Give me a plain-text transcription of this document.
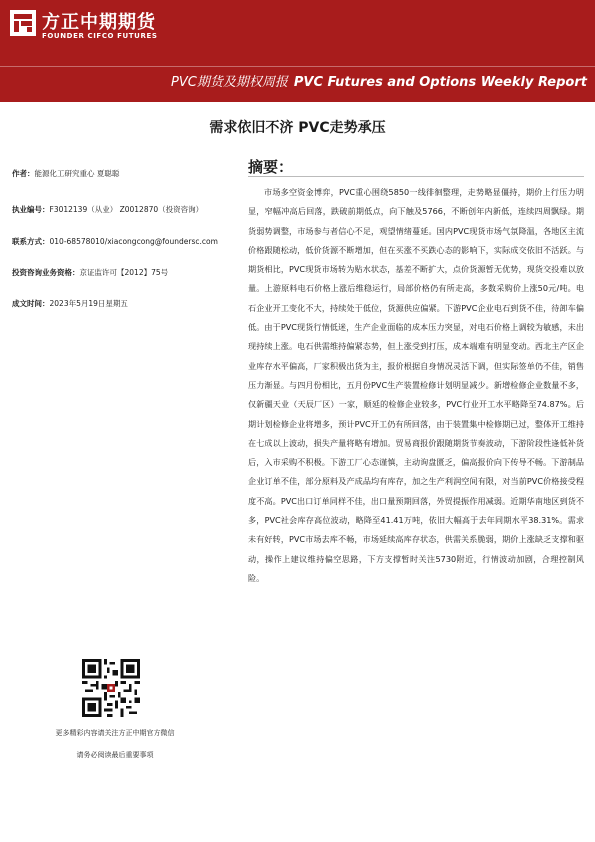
方正中期期货
FOUNDER CIFCO FUTURES
PVC期货及期权周报 PVC Futures and Options Weekly Report
需求依旧不济 PVC走势承压
作者：能源化工研究重心 夏聪聪
执业编号：F3012139（从业） Z0012870（投资咨询）
联系方式：010-68578010/xiacongcong@foundersc.com
投资咨询业务资格：京证监许可【2012】75号
成文时间：2023年5月19日星期五
更多精彩内容请关注方正中期官方微信
请务必阅读最后重要事项
摘要：

市场多空资金博弈，PVC重心围绕5850一线徘徊整理，走势略显僵持，期价上行压力明显，窄幅冲高后回落，跌破前期低点，向下触及5766，不断创年内新低，连续四周飘绿。期货弱势调整，市场参与者信心不足，观望情绪蔓延。国内PVC现货市场气氛降温，各地区主流价格跟随松动，低价货源不断增加，但在买涨不买跌心态的影响下，实际成交依旧不活跃。与期货相比，PVC现货市场转为贴水状态，基差不断扩大，点价货源暂无优势，现货交投难以放量。上游原料电石价格上涨后维稳运行，局部价格仍有所走高，多数采购价上涨50元/吨。电石企业开工变化不大，持续处于低位，货源供应偏紧。下游PVC企业电石到货不佳，待卸车偏低。由于PVC现货行情低迷，生产企业面临的成本压力突显，对电石价格上调较为敏感，未出现持续上涨。电石供需维持偏紧态势，但上涨受到打压，成本端难有明显变动。西北主产区企业库存水平偏高，厂家积极出货为主，报价根据自身情况灵活下调，但实际签单仍不佳，销售压力渐显。与四月份相比，五月份PVC生产装置检修计划明显减少。新增检修企业数量不多，仅新疆天业（天辰厂区）一家，顺延的检修企业较多，PVC行业开工水平略降至74.87%。后期计划检修企业将增多，预计PVC开工仍有所回落，由于装置集中检修期已过，整体开工维持在七成以上波动，损失产量将略有增加。贸易商报价跟随期货节奏波动，下游阶段性逢低补货后，入市采购不积极。下游工厂心态谨慎，主动询盘匮乏，偏高报价向下传导不畅。下游制品企业订单不佳，部分原料及产成品均有库存，加之生产利润空间有限，对当前PVC价格接受程度不高。PVC出口订单同样不佳，出口量预期回落，外贸提振作用减弱。近期华南地区到货不多，PVC社会库存高位波动，略降至41.41万吨，依旧大幅高于去年同期水平38.31%。需求未有好转，PVC市场去库不畅，市场延续高库存状态，供需关系脆弱，期价上涨缺乏支撑和驱动，操作上建议维持偏空思路，下方支撑暂时关注5730附近，行情波动加剧，合理控制风险。
